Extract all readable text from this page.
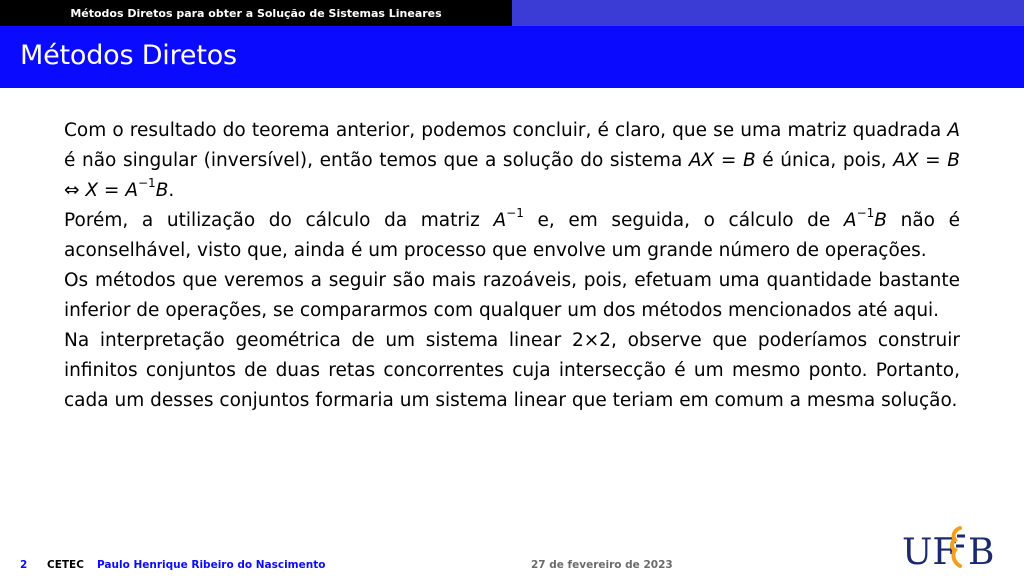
Métodos Diretos para obter a Solução de Sistemas Lineares
Métodos Diretos

Com o resultado do teorema anterior, podemos concluir, é claro, que se uma matriz quadrada A é não singular (inversível), então temos que a solução do sistema AX = B é única, pois, AX = B ⇔ $X = A^{-1}B$.

Porém, a utilização do cálculo da matriz $A^{-1}$ e, em seguida, o cálculo de $A^{-1}B$ não é aconselhável, visto que, ainda é um processo que envolve um grande número de operações.

Os métodos que veremos a seguir são mais razoáveis, pois, efetuam uma quantidade bastante inferior de operações, se compararmos com qualquer um dos métodos mencionados até aqui.

Na interpretação geométrica de um sistema linear 2×2, observe que poderíamos construir infinitos conjuntos de duas retas concorrentes cuja intersecção é um mesmo ponto. Portanto, cada um desses conjuntos formaria um sistema linear que teriam em comum a mesma solução.

2 CETEC Paulo Henrique Ribeiro do Nascimento	27 de fevereiro de 2023	UF B
